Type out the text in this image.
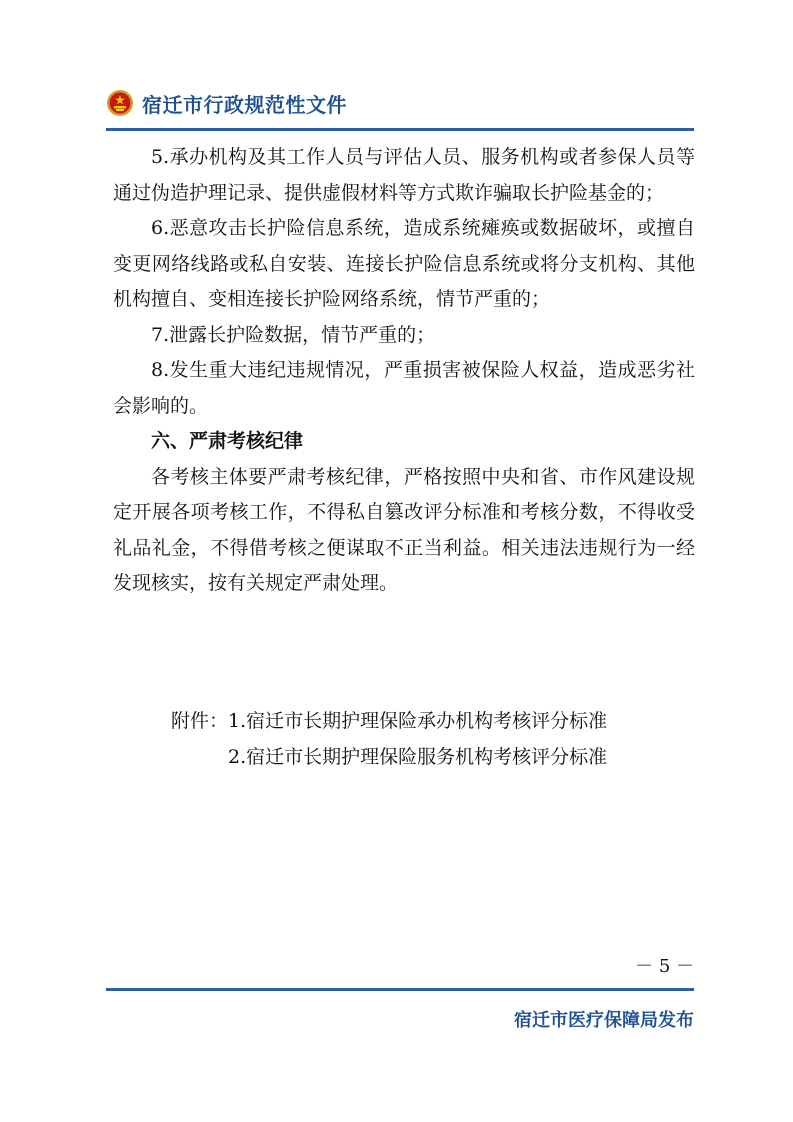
宿迁市行政规范性文件

5.承办机构及其工作人员与评估人员、服务机构或者参保人员等通过伪造护理记录、提供虚假材料等方式欺诈骗取长护险基金的；

6.恶意攻击长护险信息系统，造成系统瘫痪或数据破坏，或擅自变更网络线路或私自安装、连接长护险信息系统或将分支机构、其他机构擅自、变相连接长护险网络系统，情节严重的；

7.泄露长护险数据，情节严重的；

8.发生重大违纪违规情况，严重损害被保险人权益，造成恶劣社会影响的。

六、严肃考核纪律

各考核主体要严肃考核纪律，严格按照中央和省、市作风建设规定开展各项考核工作，不得私自篡改评分标准和考核分数，不得收受礼品礼金，不得借考核之便谋取不正当利益。相关违法违规行为一经发现核实，按有关规定严肃处理。

附件： 1.宿迁市长期护理保险承办机构考核评分标准
2.宿迁市长期护理保险服务机构考核评分标准
－ 5 －
宿迁市医疗保障局发布
